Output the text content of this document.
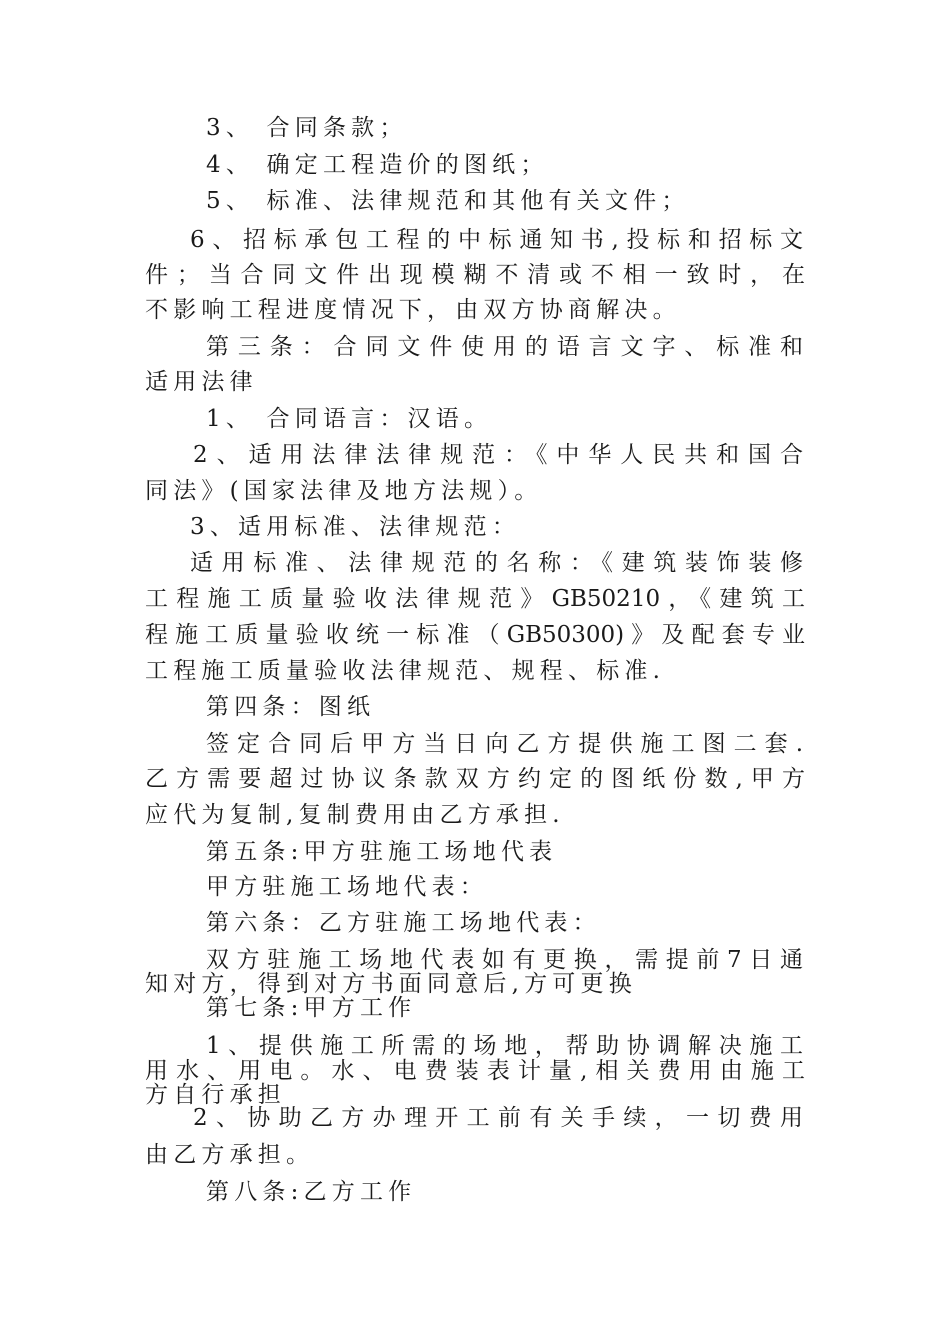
3、 合同条款；

4、 确定工程造价的图纸；

5、 标准、法律规范和其他有关文件；

6、招标承包工程的中标通知书,投标和招标文

件；当合同文件出现模糊不清或不相一致时，在

不影响工程进度情况下，由双方协商解决。

第三条：合同文件使用的语言文字、标准和

适用法律

1、 合同语言：汉语。

2、适用法律法律规范：《中华人民共和国合

同法》(国家法律及地方法规）。

3、适用标准、法律规范：

适用标准、法律规范的名称：《建筑装饰装修

工程施工质量验收法律规范》GB50210，《建筑工

程施工质量验收统一标准（GB50300)》及配套专业

工程施工质量验收法律规范、规程、标准.

第四条：图纸

签定合同后甲方当日向乙方提供施工图二套.

乙方需要超过协议条款双方约定的图纸份数,甲方

应代为复制,复制费用由乙方承担.

第五条:甲方驻施工场地代表

甲方驻施工场地代表：

第六条：乙方驻施工场地代表：

双方驻施工场地代表如有更换，需提前7日通

知对方，得到对方书面同意后,方可更换

第七条:甲方工作

1、提供施工所需的场地，帮助协调解决施工

用水、用电。水、电费装表计量,相关费用由施工

方自行承担

2、协助乙方办理开工前有关手续，一切费用

由乙方承担。

第八条:乙方工作
